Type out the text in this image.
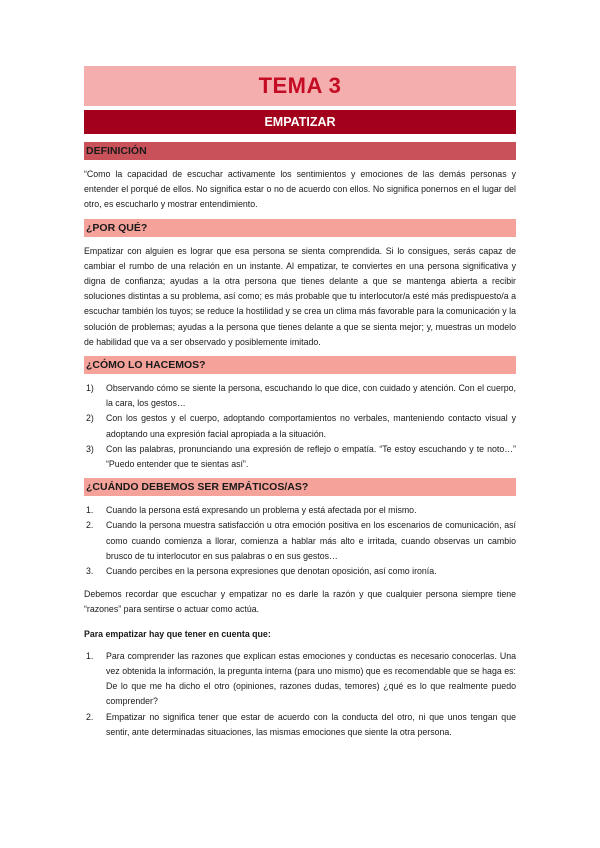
TEMA 3
EMPATIZAR
DEFINICIÓN

“Como la capacidad de escuchar activamente los sentimientos y emociones de las demás personas y entender el porqué de ellos. No significa estar o no de acuerdo con ellos. No significa ponernos en el lugar del otro, es escucharlo y mostrar entendimiento.

¿POR QUÉ?

Empatizar con alguien es lograr que esa persona se sienta comprendida. Si lo consigues, serás capaz de cambiar el rumbo de una relación en un instante. Al empatizar, te conviertes en una persona significativa y digna de confianza; ayudas a la otra persona que tienes delante a que se mantenga abierta a recibir soluciones distintas a su problema, así como; es más probable que tu interlocutor/a esté más predispuesto/a a escuchar también los tuyos; se reduce la hostilidad y se crea un clima más favorable para la comunicación y la solución de problemas; ayudas a la persona que tienes delante a que se sienta mejor; y, muestras un modelo de habilidad que va a ser observado y posiblemente imitado.

¿CÓMO LO HACEMOS?
1) Observando cómo se siente la persona, escuchando lo que dice, con cuidado y atención. Con el cuerpo, la cara, los gestos…
2) Con los gestos y el cuerpo, adoptando comportamientos no verbales, manteniendo contacto visual y adoptando una expresión facial apropiada a la situación.
3) Con las palabras, pronunciando una expresión de reflejo o empatía. “Te estoy escuchando y te noto…” “Puedo entender que te sientas así”.
¿CUÁNDO DEBEMOS SER EMPÁTICOS/AS?
1. Cuando la persona está expresando un problema y está afectada por el mismo.
2. Cuando la persona muestra satisfacción u otra emoción positiva en los escenarios de comunicación, así como cuando comienza a llorar, comienza a hablar más alto e irritada, cuando observas un cambio brusco de tu interlocutor en sus palabras o en sus gestos…
3. Cuando percibes en la persona expresiones que denotan oposición, así como ironía.

Debemos recordar que escuchar y empatizar no es darle la razón y que cualquier persona siempre tiene “razones” para sentirse o actuar como actúa.

Para empatizar hay que tener en cuenta que:

1. Para comprender las razones que explican estas emociones y conductas es necesario conocerlas. Una vez obtenida la información, la pregunta interna (para uno mismo) que es recomendable que se haga es: De lo que me ha dicho el otro (opiniones, razones dudas, temores) ¿qué es lo que realmente puedo comprender?
2. Empatizar no significa tener que estar de acuerdo con la conducta del otro, ni que unos tengan que sentir, ante determinadas situaciones, las mismas emociones que siente la otra persona.
